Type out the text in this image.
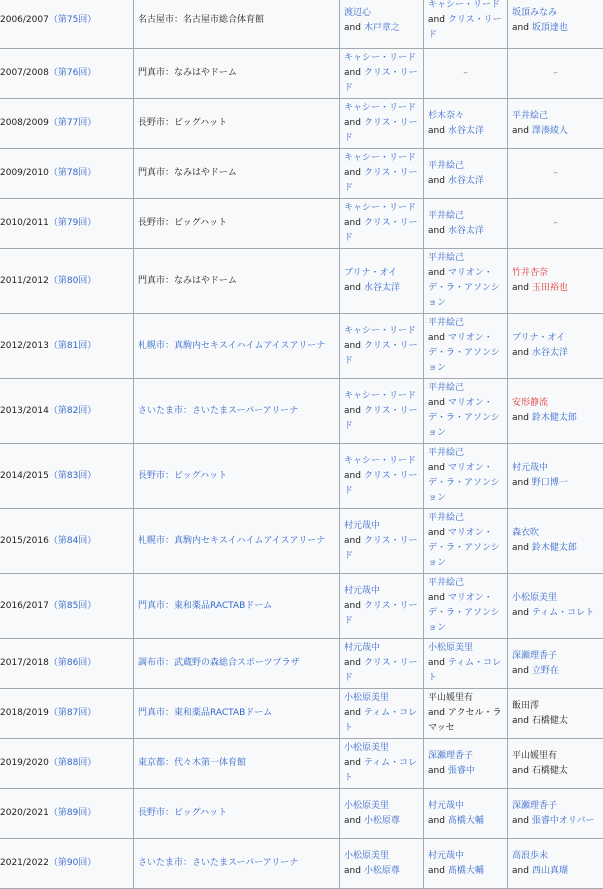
2006/2007（第75回）	名古屋市：名古屋市総合体育館	渡辺心
and 木戸章之	キャシー・リード
and クリス・リード	坂頂みなみ
and 坂頂達也
2007/2008（第76回）	門真市：なみはやドーム	キャシー・リード
and クリス・リード	–	–

2008/2009（第77回）	長野市：ビッグハット	キャシー・リード
and クリス・リード	杉木奈々
and 水谷太洋	平井絵己
and 澤湊綾人
2009/2010（第78回）	門真市：なみはやドーム	キャシー・リード
and クリス・リード	平井絵己
and 水谷太洋	–

2010/2011（第79回）	長野市：ビッグハット	キャシー・リード
and クリス・リード	平井絵己
and 水谷太洋	–

2011/2012（第80回）	門真市：なみはやドーム	ブリナ・オイ
and 水谷太洋	平井絵己
and マリオン・デ・ラ・アソンション	竹井杏奈
and 玉田裕也
2012/2013（第81回）	札幌市：真駒内セキスイハイムアイスアリーナ	キャシー・リード
and クリス・リード	平井絵己
and マリオン・デ・ラ・アソンション	ブリナ・オイ
and 水谷太洋
2013/2014（第82回）	さいたま市：さいたまスーパーアリーナ	キャシー・リード
and クリス・リード	平井絵己
and マリオン・デ・ラ・アソンション	安形静流
and 鈴木健太郎
2014/2015（第83回）	長野市：ビッグハット	キャシー・リード
and クリス・リード	平井絵己
and マリオン・デ・ラ・アソンション	村元哉中
and 野口博一
2015/2016（第84回）	札幌市：真駒内セキスイハイムアイスアリーナ	村元哉中
and クリス・リード	平井絵己
and マリオン・デ・ラ・アソンション	森衣吹
and 鈴木健太郎
2016/2017（第85回）	門真市：東和薬品RACTABドーム	村元哉中
and クリス・リード	平井絵己
and マリオン・デ・ラ・アソンション	小松原美里
and ティム・コレト
2017/2018（第86回）	調布市：武蔵野の森総合スポーツプラザ	村元哉中
and クリス・リード	小松原美里
and ティム・コレト	深瀬理香子
and 立野在
2018/2019（第87回）	門真市：東和薬品RACTABドーム	小松原美里
and ティム・コレト	平山媛里有
and アクセル・ラマッセ	飯田澪
and 石橋健太
2019/2020（第88回）	東京都：代々木第一体育館	小松原美里
and ティム・コレト	深瀬理香子
and 張睿中	平山媛里有
and 石橋健太
2020/2021（第89回）	長野市：ビッグハット	小松原美里
and 小松原尊	村元哉中
and 髙橋大輔	深瀬理香子
and 張睿中オリバー
2021/2022（第90回）	さいたま市：さいたまスーパーアリーナ	小松原美里
and 小松原尊	村元哉中
and 髙橋大輔	高浪歩未
and 西山真瑚
